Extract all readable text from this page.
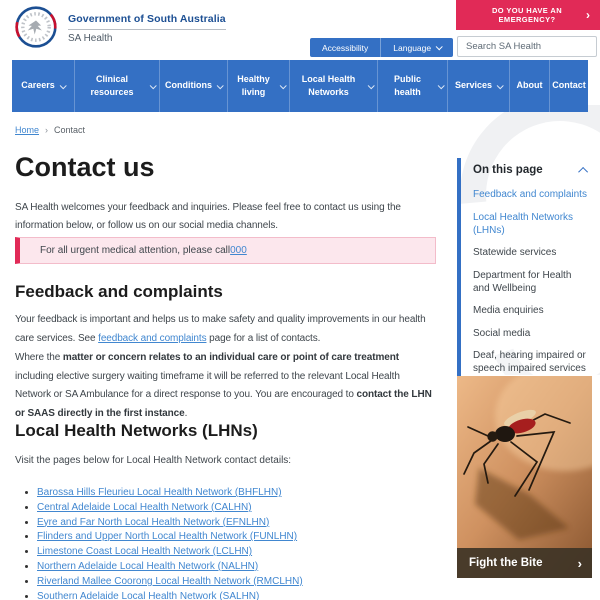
Government of South Australia
SA Health
DO YOU HAVE AN EMERGENCY?	›
Accessibility	Language
Search SA Health
Careers
Clinical resources
Conditions
Healthy living
Local Health Networks
Public health
Services	About Contact
Home › Contact
Contact us

SA Health welcomes your feedback and inquiries. Please feel free to contact us using the information below, or follow us on our social media channels.

For all urgent medical attention, please call 000
Feedback and complaints

Your feedback is important and helps us to make safety and quality improvements in our health care services. See feedback and complaints page for a list of contacts.

Where the matter or concern relates to an individual care or point of care treatment including elective surgery waiting timeframe it will be referred to the relevant Local Health Network or SA Ambulance for a direct response to you. You are encouraged to contact the LHN or SAAS directly in the first instance.

Local Health Networks (LHNs)

Visit the pages below for Local Health Network contact details:

• Barossa Hills Fleurieu Local Health Network (BHFLHN)
• Central Adelaide Local Health Network (CALHN)
• Eyre and Far North Local Health Network (EFNLHN)
• Flinders and Upper North Local Health Network (FUNLHN)
• Limestone Coast Local Health Network (LCLHN)
• Northern Adelaide Local Health Network (NALHN)
• Riverland Mallee Coorong Local Health Network (RMCLHN)
• Southern Adelaide Local Health Network (SALHN)
On this page
Feedback and complaints
Local Health Networks (LHNs)
Statewide services
Department for Health and Wellbeing
Media enquiries
Social media
Deaf, hearing impaired or speech impaired services
Fight the Bite	›
